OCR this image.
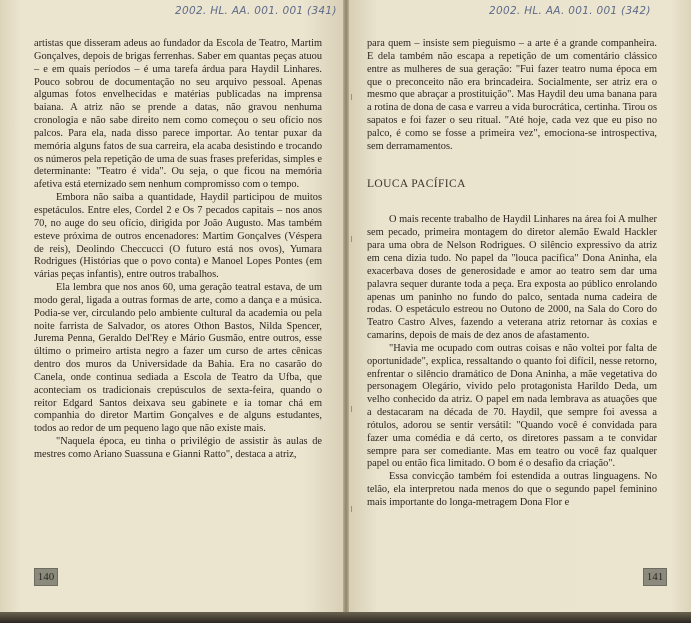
2002. HL. AA. 001. 001 (341)

artistas que disseram adeus ao fundador da Escola de Teatro, Martim Gonçalves, depois de brigas ferrenhas. Saber em quantas peças atuou – e em quais períodos – é uma tarefa árdua para Haydil Linhares. Pouco sobrou de documentação no seu arquivo pessoal. Apenas algumas fotos envelhecidas e matérias publicadas na imprensa baiana. A atriz não se prende a datas, não gravou nenhuma cronologia e não sabe direito nem como começou o seu ofício nos palcos. Para ela, nada disso parece importar. Ao tentar puxar da memória alguns fatos de sua carreira, ela acaba desistindo e trocando os números pela repetição de uma de suas frases preferidas, simples e determinante: "Teatro é vida". Ou seja, o que ficou na memória afetiva está eternizado sem nenhum compromisso com o tempo.

Embora não saiba a quantidade, Haydil participou de muitos espetáculos. Entre eles, Cordel 2 e Os 7 pecados capitais – nos anos 70, no auge do seu ofício, dirigida por João Augusto. Mas também esteve próxima de outros encenadores: Martim Gonçalves (Véspera de reis), Deolindo Checcucci (O futuro está nos ovos), Yumara Rodrigues (Histórias que o povo conta) e Manoel Lopes Pontes (em várias peças infantis), entre outros trabalhos.

Ela lembra que nos anos 60, uma geração teatral estava, de um modo geral, ligada a outras formas de arte, como a dança e a música. Podia-se ver, circulando pelo ambiente cultural da academia ou pela noite farrista de Salvador, os atores Othon Bastos, Nilda Spencer, Jurema Penna, Geraldo Del'Rey e Mário Gusmão, entre outros, esse último o primeiro artista negro a fazer um curso de artes cênicas dentro dos muros da Universidade da Bahia. Era no casarão do Canela, onde continua sediada a Escola de Teatro da Ufba, que aconteciam os tradicionais crepúsculos de sexta-feira, quando o reitor Edgard Santos deixava seu gabinete e ia tomar chá em companhia do diretor Martim Gonçalves e de alguns estudantes, todos ao redor de um pequeno lago que não existe mais.

"Naquela época, eu tinha o privilégio de assistir às aulas de mestres como Ariano Suassuna e Gianni Ratto", destaca a atriz,

140
2002. HL. AA. 001. 001 (342)

para quem – insiste sem pieguismo – a arte é a grande companheira. E dela também não escapa a repetição de um comentário clássico entre as mulheres de sua geração: "Fui fazer teatro numa época em que o preconceito não era brincadeira. Socialmente, ser atriz era o mesmo que abraçar a prostituição". Mas Haydil deu uma banana para a rotina de dona de casa e varreu a vida burocrática, certinha. Tirou os sapatos e foi fazer o seu ritual. "Até hoje, cada vez que eu piso no palco, é como se fosse a primeira vez", emociona-se introspectiva, sem derramamentos.

LOUCA PACÍFICA

O mais recente trabalho de Haydil Linhares na área foi A mulher sem pecado, primeira montagem do diretor alemão Ewald Hackler para uma obra de Nelson Rodrigues. O silêncio expressivo da atriz em cena dizia tudo. No papel da "louca pacífica" Dona Aninha, ela exacerbava doses de generosidade e amor ao teatro sem dar uma palavra sequer durante toda a peça. Era exposta ao público enrolando apenas um paninho no fundo do palco, sentada numa cadeira de rodas. O espetáculo estreou no Outono de 2000, na Sala do Coro do Teatro Castro Alves, fazendo a veterana atriz retornar às coxias e camarins, depois de mais de dez anos de afastamento.

"Havia me ocupado com outras coisas e não voltei por falta de oportunidade", explica, ressaltando o quanto foi difícil, nesse retorno, enfrentar o silêncio dramático de Dona Aninha, a mãe vegetativa do personagem Olegário, vivido pelo protagonista Harildo Deda, um velho conhecido da atriz. O papel em nada lembrava as atuações que a destacaram na década de 70. Haydil, que sempre foi avessa a rótulos, adorou se sentir versátil: "Quando você é convidada para fazer uma comédia e dá certo, os diretores passam a te convidar sempre para ser comediante. Mas em teatro ou você faz qualquer papel ou então fica limitado. O bom é o desafio da criação".

Essa convicção também foi estendida a outras linguagens. No telão, ela interpretou nada menos do que o segundo papel feminino mais importante do longa-metragem Dona Flor e

141
